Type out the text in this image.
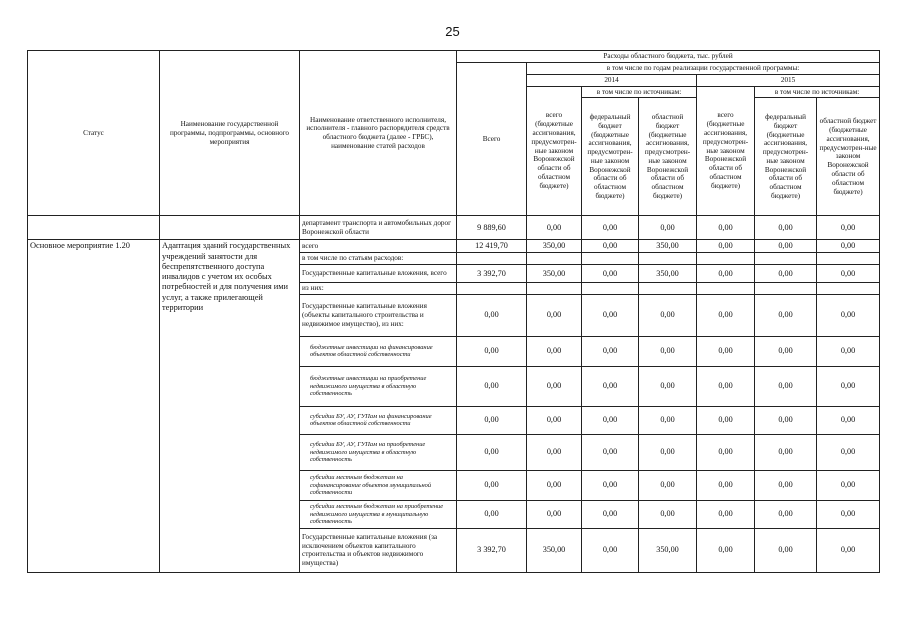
25
Статус	Наименование государственной программы, подпрограммы, основного мероприятия	Наименование ответственного исполнителя, исполнителя - главного распорядителя средств областного бюджета (далее - ГРБС), наименование статей расходов	Расходы областного бюджета, тыс. рублей						
			Всего	в том числе по годам реализации государственной программы:					
				2014			2015		
				всего (бюджетные ассигнования, предусмотрен-ные законом Воронежской области об областном бюджете)	в том числе по источникам:		всего (бюджетные ассигнования, предусмотрен-ные законом Воронежской области об областном бюджете)	в том числе по источникам:	
					федеральный бюджет (бюджетные ассигнования, предусмотрен-ные законом Воронежской области об областном бюджете)	областной бюджет (бюджетные ассигнования, предусмотрен-ные законом Воронежской области об областном бюджете)		федеральный бюджет (бюджетные ассигнования, предусмотрен-ные законом Воронежской области об областном бюджете)	областной бюджет (бюджетные ассигнования, предусмотрен-ные законом Воронежской области об областном бюджете)
		департамент транспорта и автомобильных дорог Воронежской области	9 889,60	0,00	0,00	0,00	0,00	0,00	0,00
Основное мероприятие 1.20	Адаптация зданий государственных учреждений занятости для беспрепятственного доступа инвалидов с учетом их особых потребностей и для получения ими услуг, а также прилегающей территории	всего	12 419,70	350,00	0,00	350,00	0,00	0,00	0,00
		в том числе по статьям расходов:							
		Государственные капитальные вложения, всего	3 392,70	350,00	0,00	350,00	0,00	0,00	0,00
		из них:							
		Государственные капитальные вложения (объекты капитального строительства и недвижимое имущество), из них:	0,00	0,00	0,00	0,00	0,00	0,00	0,00
		бюджетные инвестиции на финансирование объектов областной собственности	0,00	0,00	0,00	0,00	0,00	0,00	0,00
		бюджетные инвестиции на приобретение недвижимого имущества в областную собственность	0,00	0,00	0,00	0,00	0,00	0,00	0,00
		субсидии БУ, АУ, ГУПам на финансирование объектов областной собственности	0,00	0,00	0,00	0,00	0,00	0,00	0,00
		субсидии БУ, АУ, ГУПам на приобретение недвижимого имущества в областную собственность	0,00	0,00	0,00	0,00	0,00	0,00	0,00
		субсидии местным бюджетам на софинансирование объектов муниципальной собственности	0,00	0,00	0,00	0,00	0,00	0,00	0,00
		субсидии местным бюджетам на приобретение недвижимого имущества в муниципальную собственность	0,00	0,00	0,00	0,00	0,00	0,00	0,00
		Государственные капитальные вложения (за исключением объектов капитального строительства и объектов недвижимого имущества)	3 392,70	350,00	0,00	350,00	0,00	0,00	0,00
